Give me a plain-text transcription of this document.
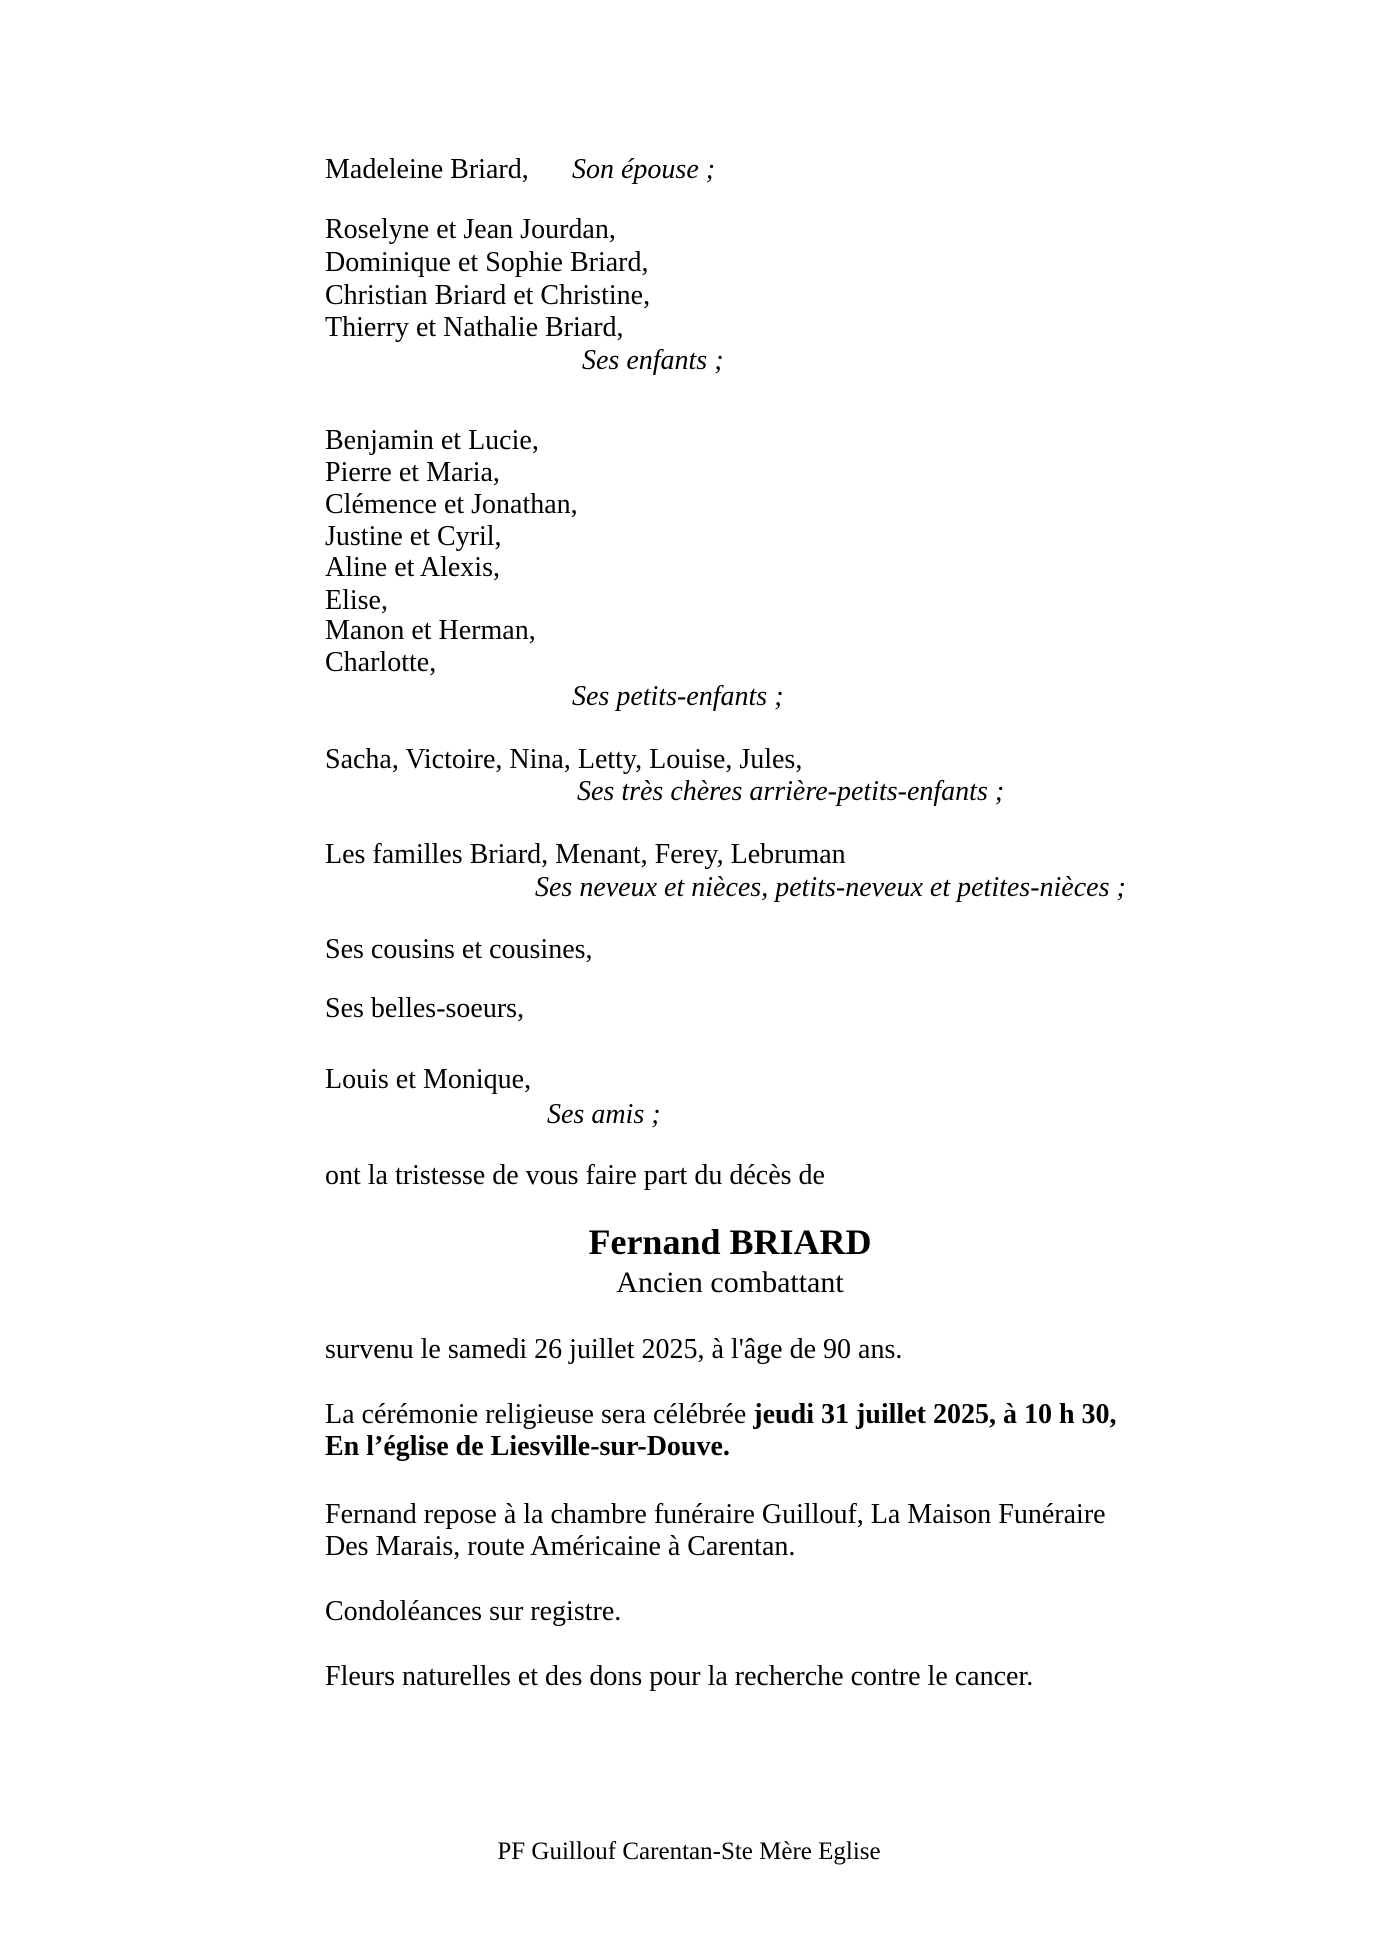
Madeleine Briard, Son épouse ;
Roselyne et Jean Jourdan,
Dominique et Sophie Briard,
Christian Briard et Christine,
Thierry et Nathalie Briard,
Ses enfants ;
Benjamin et Lucie,
Pierre et Maria,
Clémence et Jonathan,
Justine et Cyril,
Aline et Alexis,
Elise,
Manon et Herman,
Charlotte,
Ses petits-enfants ;
Sacha, Victoire, Nina, Letty, Louise, Jules,
Ses très chères arrière-petits-enfants ;
Les familles Briard, Menant, Ferey, Lebruman
Ses neveux et nièces, petits-neveux et petites-nièces ;
Ses cousins et cousines,
Ses belles-soeurs,
Louis et Monique,
Ses amis ;
ont la tristesse de vous faire part du décès de
Fernand BRIARD
Ancien combattant
survenu le samedi 26 juillet 2025, à l'âge de 90 ans.
La cérémonie religieuse sera célébrée jeudi 31 juillet 2025, à 10 h 30,
En l’église de Liesville-sur-Douve.
Fernand repose à la chambre funéraire Guillouf, La Maison Funéraire
Des Marais, route Américaine à Carentan.
Condoléances sur registre.
Fleurs naturelles et des dons pour la recherche contre le cancer.
PF Guillouf Carentan-Ste Mère Eglise
